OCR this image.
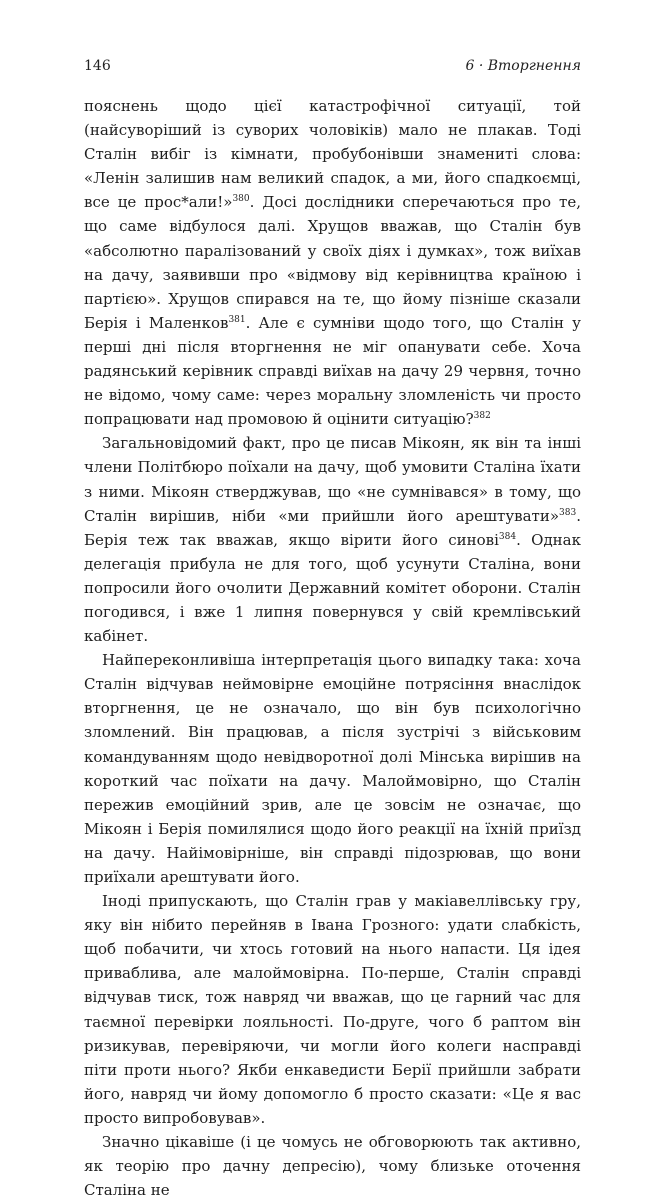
146	6 · Вторгнення

пояснень щодо цієї катастрофічної ситуації, той (найсуворіший із суворих чоловіків) мало не плакав. Тоді Сталін вибіг із кімнати, пробубонівши знамениті слова: «Ленін залишив нам великий спадок, а ми, його спадкоємці, все це прос*али!»$^{380}$. Досі дослідники сперечаються про те, що саме відбулося далі. Хрущов вважав, що Сталін був «абсолютно паралізований у своїх діях і думках», тож виїхав на дачу, заявивши про «відмову від керівництва країною і партією». Хрущов спирався на те, що йому пізніше сказали Берія і Маленков$^{381}$. Але є сумніви щодо того, що Сталін у перші дні після вторгнення не міг опанувати себе. Хоча радянський керівник справді виїхав на дачу 29 червня, точно не відомо, чому саме: через моральну зломленість чи просто попрацювати над промовою й оцінити ситуацію?$^{382}$

Загальновідомий факт, про це писав Мікоян, як він та інші члени Політбюро поїхали на дачу, щоб умовити Сталіна їхати з ними. Мікоян стверджував, що «не сумнівався» в тому, що Сталін вирішив, ніби «ми прийшли його арештувати»$^{383}$. Берія теж так вважав, якщо вірити його синові$^{384}$. Однак делегація прибула не для того, щоб усунути Сталіна, вони попросили його очолити Державний комітет оборони. Сталін погодився, і вже 1 липня повернувся у свій кремлівський кабінет.

Найпереконливіша інтерпретація цього випадку така: хоча Сталін відчував неймовірне емоційне потрясіння внаслідок вторгнення, це не означало, що він був психологічно зломлений. Він працював, а після зустрічі з військовим командуванням щодо невідворотної долі Мінська вирішив на короткий час поїхати на дачу. Малоймовірно, що Сталін пережив емоційний зрив, але це зовсім не означає, що Мікоян і Берія помилялися щодо його реакції на їхній приїзд на дачу. Найімовірніше, він справді підозрював, що вони приїхали арештувати його.

Іноді припускають, що Сталін грав у макіавеллівську гру, яку він нібито перейняв в Івана Грозного: удати слабкість, щоб побачити, чи хтось готовий на нього напасти. Ця ідея приваблива, але малоймовірна. По-перше, Сталін справді відчував тиск, тож навряд чи вважав, що це гарний час для таємної перевірки лояльності. По-друге, чого б раптом він ризикував, перевіряючи, чи могли його колеги насправді піти проти нього? Якби енкаведисти Берії прийшли забрати його, навряд чи йому допомогло б просто сказати: «Це я вас просто випробовував».

Значно цікавіше (і це чомусь не обговорюють так активно, як теорію про дачну депресію), чому близьке оточення Сталіна не
